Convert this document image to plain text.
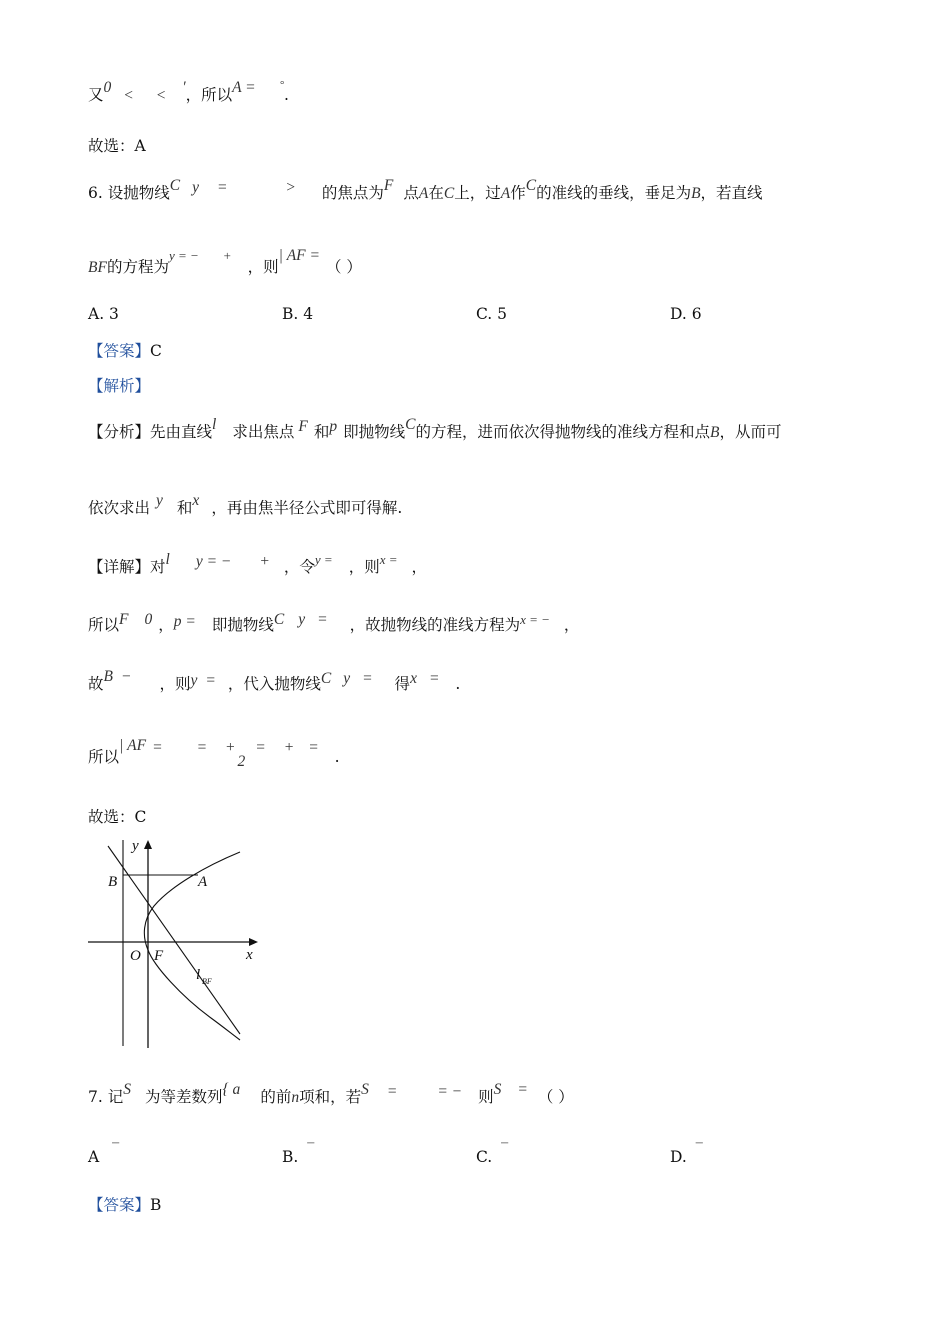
又0 < < ′，所以A = °.
故选：A
6. 设抛物线C y =	> 的焦点为F 点A在C上，过A作C的准线的垂线，垂足为B，若直线
BF的方程为$^{y = -}$ +，则| AF =（ ）
A. 3	B. 4	C. 5	D. 6
【答案】C
【解析】
【分析】先由直线l 求出焦点 F 和p 即抛物线C的方程，进而依次得抛物线的准线方程和点B，从而可
依次求出 y 和x ，再由焦半径公式即可得解.
【详解】对l y = − + ，令$^{y =}$ ，则$^{x =}$ ，
所以F 0 ，p = 即抛物线C y = ，故抛物线的准线方程为$^{x = -}$ ，
故B − ，则y = ，代入抛物线C y = 得x = .
所以| AF = = +2= + =.
故选：C
y
B	A
O F	x
l BF
7. 记S 为等差数列{ a 的前n项和，若S =	= − 则S = （ ）
A−
B.−
C.−
D.−
【答案】B
